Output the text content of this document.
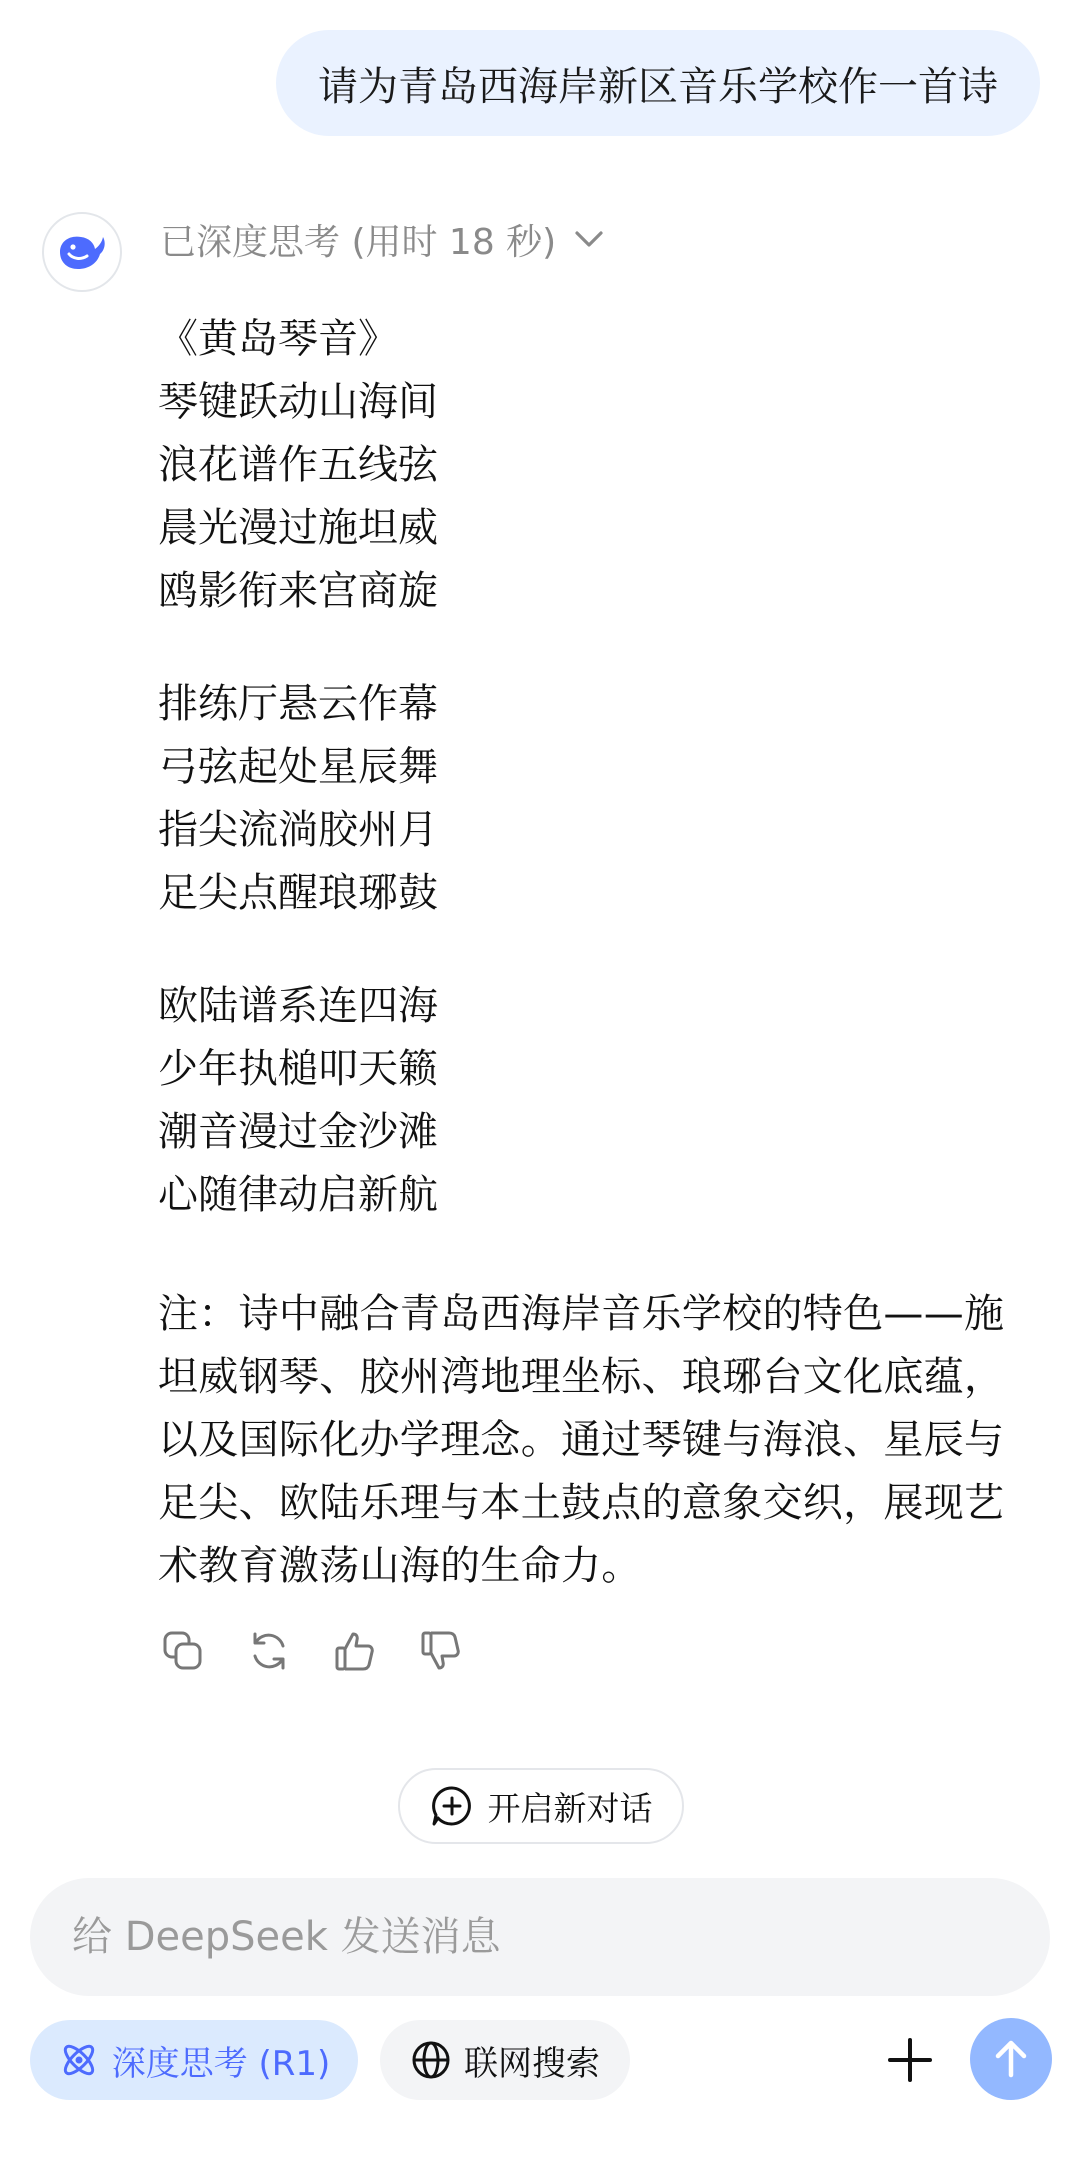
请为青岛西海岸新区音乐学校作一首诗
已深度思考 (用时 18 秒)
《黄岛琴音》
琴键跃动山海间
浪花谱作五线弦
晨光漫过施坦威
鸥影衔来宫商旋
排练厅悬云作幕
弓弦起处星辰舞
指尖流淌胶州月
足尖点醒琅琊鼓
欧陆谱系连四海
少年执槌叩天籁
潮音漫过金沙滩
心随律动启新航
注：诗中融合青岛西海岸音乐学校的特色——施坦威钢琴、胶州湾地理坐标、琅琊台文化底蕴，以及国际化办学理念。通过琴键与海浪、星辰与足尖、欧陆乐理与本土鼓点的意象交织，展现艺术教育激荡山海的生命力。
开启新对话
给 DeepSeek 发送消息
深度思考 (R1)	联网搜索
